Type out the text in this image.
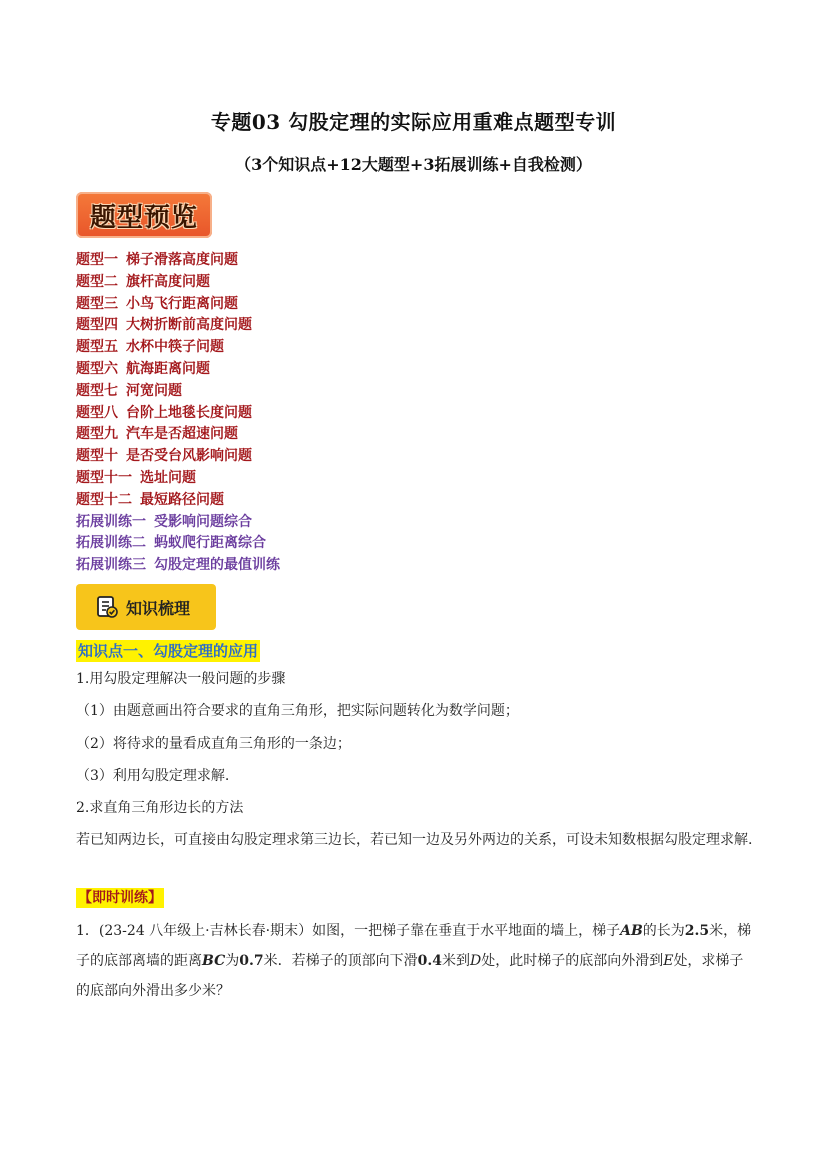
专题03 勾股定理的实际应用重难点题型专训
（3个知识点+12大题型+3拓展训练+自我检测）
题型预览
题型一 梯子滑落高度问题
题型二 旗杆高度问题
题型三 小鸟飞行距离问题
题型四 大树折断前高度问题
题型五 水杯中筷子问题
题型六 航海距离问题
题型七 河宽问题
题型八 台阶上地毯长度问题
题型九 汽车是否超速问题
题型十 是否受台风影响问题
题型十一 选址问题
题型十二 最短路径问题
拓展训练一 受影响问题综合
拓展训练二 蚂蚁爬行距离综合
拓展训练三 勾股定理的最值训练
知识梳理
知识点一、勾股定理的应用
1.用勾股定理解决一般问题的步骤
（1）由题意画出符合要求的直角三角形，把实际问题转化为数学问题；
（2）将待求的量看成直角三角形的一条边；
（3）利用勾股定理求解.
2.求直角三角形边长的方法
若已知两边长，可直接由勾股定理求第三边长，若已知一边及另外两边的关系，可设未知数根据勾股定理求解.
【即时训练】
1．(23-24 八年级上·吉林长春·期末）如图，一把梯子靠在垂直于水平地面的墙上，梯子AB的长为2.5米，梯子的底部离墙的距离BC为0.7米．若梯子的顶部向下滑0.4米到D处，此时梯子的底部向外滑到E处，求梯子的底部向外滑出多少米？
